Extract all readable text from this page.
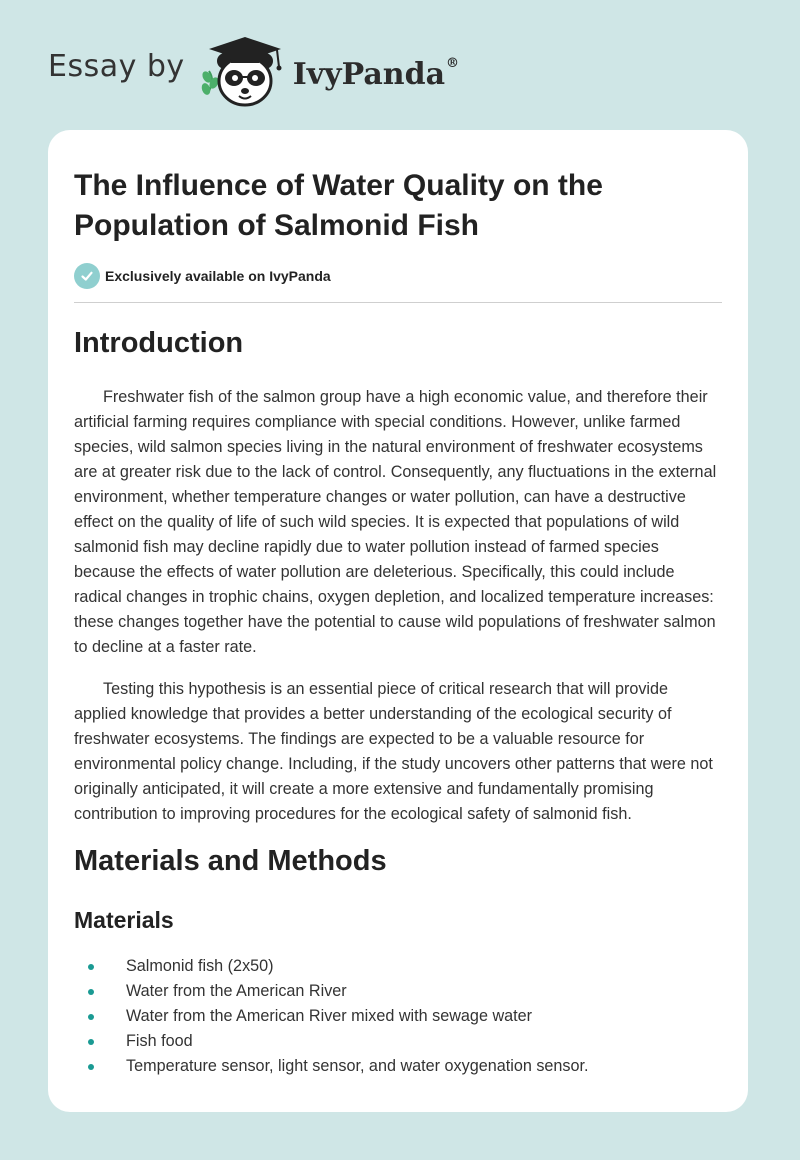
Essay by	IvyPanda®
The Influence of Water Quality on the Population of Salmonid Fish
Exclusively available on IvyPanda
Introduction

Freshwater fish of the salmon group have a high economic value, and therefore their artificial farming requires compliance with special conditions. However, unlike farmed species, wild salmon species living in the natural environment of freshwater ecosystems are at greater risk due to the lack of control. Consequently, any fluctuations in the external environment, whether temperature changes or water pollution, can have a destructive effect on the quality of life of such wild species. It is expected that populations of wild salmonid fish may decline rapidly due to water pollution instead of farmed species because the effects of water pollution are deleterious. Specifically, this could include radical changes in trophic chains, oxygen depletion, and localized temperature increases: these changes together have the potential to cause wild populations of freshwater salmon to decline at a faster rate.

Testing this hypothesis is an essential piece of critical research that will provide applied knowledge that provides a better understanding of the ecological security of freshwater ecosystems. The findings are expected to be a valuable resource for environmental policy change. Including, if the study uncovers other patterns that were not originally anticipated, it will create a more extensive and fundamentally promising contribution to improving procedures for the ecological safety of salmonid fish.

Materials and Methods
Materials
Salmonid fish (2x50)
Water from the American River
Water from the American River mixed with sewage water
Fish food
Temperature sensor, light sensor, and water oxygenation sensor.
